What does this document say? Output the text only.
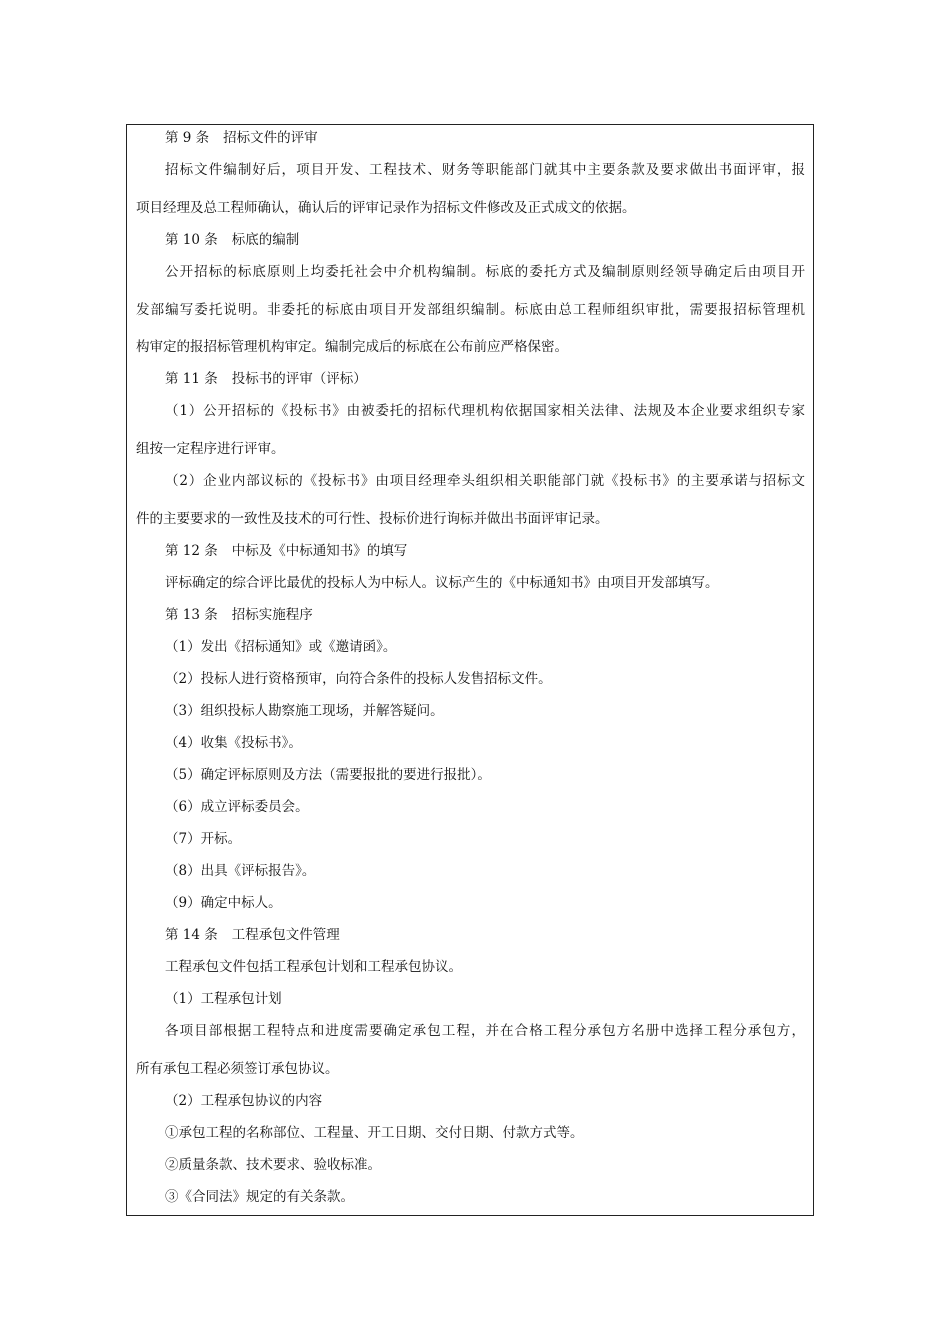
第 9 条 招标文件的评审
招标文件编制好后，项目开发、工程技术、财务等职能部门就其中主要条款及要求做出书面评审，报
项目经理及总工程师确认，确认后的评审记录作为招标文件修改及正式成文的依据。
第 10 条 标底的编制
公开招标的标底原则上均委托社会中介机构编制。标底的委托方式及编制原则经领导确定后由项目开
发部编写委托说明。非委托的标底由项目开发部组织编制。标底由总工程师组织审批，需要报招标管理机
构审定的报招标管理机构审定。编制完成后的标底在公布前应严格保密。
第 11 条 投标书的评审（评标）
（1）公开招标的《投标书》由被委托的招标代理机构依据国家相关法律、法规及本企业要求组织专家
组按一定程序进行评审。
（2）企业内部议标的《投标书》由项目经理牵头组织相关职能部门就《投标书》的主要承诺与招标文
件的主要要求的一致性及技术的可行性、投标价进行询标并做出书面评审记录。
第 12 条 中标及《中标通知书》的填写
评标确定的综合评比最优的投标人为中标人。议标产生的《中标通知书》由项目开发部填写。
第 13 条 招标实施程序
（1）发出《招标通知》或《邀请函》。
（2）投标人进行资格预审，向符合条件的投标人发售招标文件。
（3）组织投标人勘察施工现场，并解答疑问。
（4）收集《投标书》。
（5）确定评标原则及方法（需要报批的要进行报批）。
（6）成立评标委员会。
（7）开标。
（8）出具《评标报告》。
（9）确定中标人。
第 14 条 工程承包文件管理
工程承包文件包括工程承包计划和工程承包协议。
（1）工程承包计划
各项目部根据工程特点和进度需要确定承包工程，并在合格工程分承包方名册中选择工程分承包方，
所有承包工程必须签订承包协议。
（2）工程承包协议的内容
①承包工程的名称部位、工程量、开工日期、交付日期、付款方式等。
②质量条款、技术要求、验收标准。
③《合同法》规定的有关条款。
